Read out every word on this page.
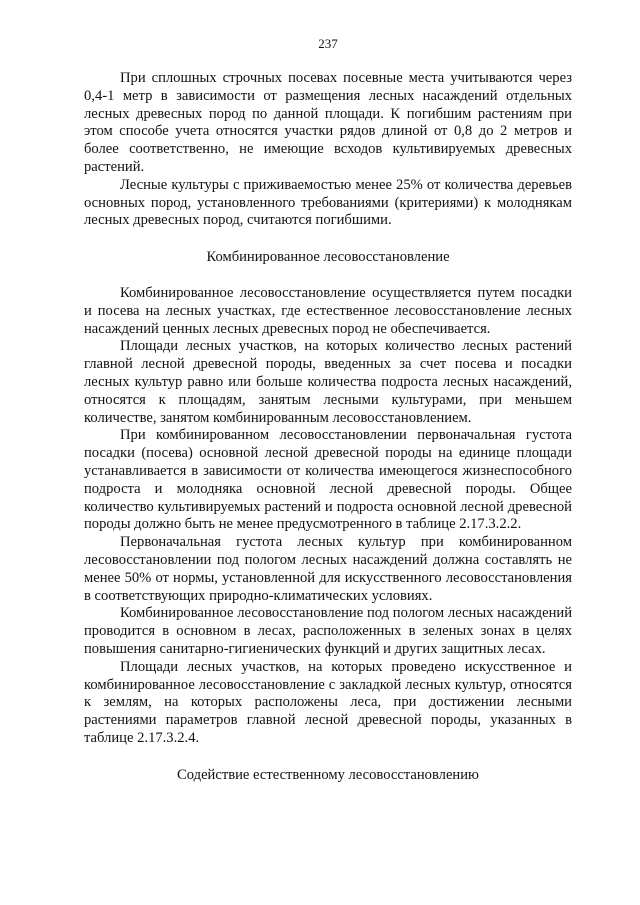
237

При сплошных строчных посевах посевные места учитываются через 0,4-1 метр в зависимости от размещения лесных насаждений отдельных лесных древесных пород по данной площади. К погибшим растениям при этом способе учета относятся участки рядов длиной от 0,8 до 2 метров и более соответственно, не имеющие всходов культивируемых древесных растений.

Лесные культуры с приживаемостью менее 25% от количества деревьев основных пород, установленного требованиями (критериями) к молоднякам лесных древесных пород, считаются погибшими.

Комбинированное лесовосстановление

Комбинированное лесовосстановление осуществляется путем посадки и посева на лесных участках, где естественное лесовосстановление лесных насаждений ценных лесных древесных пород не обеспечивается.

Площади лесных участков, на которых количество лесных растений главной лесной древесной породы, введенных за счет посева и посадки лесных культур равно или больше количества подроста лесных насаждений, относятся к площадям, занятым лесными культурами, при меньшем количестве, занятом комбинированным лесовосстановлением.

При комбинированном лесовосстановлении первоначальная густота посадки (посева) основной лесной древесной породы на единице площади устанавливается в зависимости от количества имеющегося жизнеспособного подроста и молодняка основной лесной древесной породы. Общее количество культивируемых растений и подроста основной лесной древесной породы должно быть не менее предусмотренного в таблице 2.17.3.2.2.

Первоначальная густота лесных культур при комбинированном лесовосстановлении под пологом лесных насаждений должна составлять не менее 50% от нормы, установленной для искусственного лесовосстановления в соответствующих природно-климатических условиях.

Комбинированное лесовосстановление под пологом лесных насаждений проводится в основном в лесах, расположенных в зеленых зонах в целях повышения санитарно-гигиенических функций и других защитных лесах.

Площади лесных участков, на которых проведено искусственное и комбинированное лесовосстановление с закладкой лесных культур, относятся к землям, на которых расположены леса, при достижении лесными растениями параметров главной лесной древесной породы, указанных в таблице 2.17.3.2.4.

Содействие естественному лесовосстановлению
